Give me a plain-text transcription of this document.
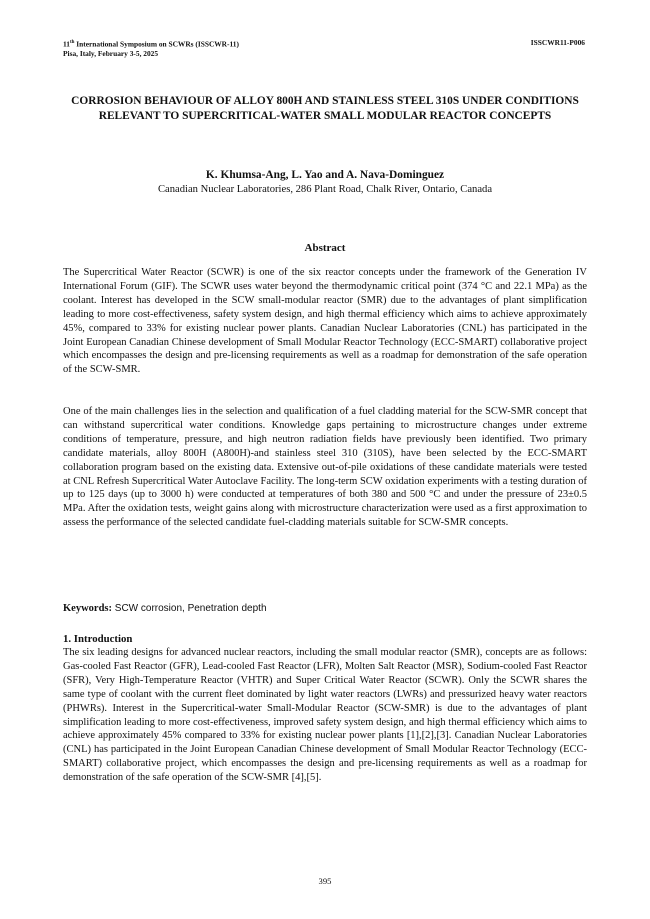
11th International Symposium on SCWRs (ISSCWR-11)
Pisa, Italy, February 3-5, 2025
ISSCWR11-P006
CORROSION BEHAVIOUR OF ALLOY 800H AND STAINLESS STEEL 310S UNDER CONDITIONS RELEVANT TO SUPERCRITICAL-WATER SMALL MODULAR REACTOR CONCEPTS
K. Khumsa-Ang, L. Yao and A. Nava-Dominguez
Canadian Nuclear Laboratories, 286 Plant Road, Chalk River, Ontario, Canada
Abstract

The Supercritical Water Reactor (SCWR) is one of the six reactor concepts under the framework of the Generation IV International Forum (GIF). The SCWR uses water beyond the thermodynamic critical point (374 °C and 22.1 MPa) as the coolant. Interest has developed in the SCW small-modular reactor (SMR) due to the advantages of plant simplification leading to more cost-effectiveness, safety system design, and high thermal efficiency which aims to achieve approximately 45%, compared to 33% for existing nuclear power plants. Canadian Nuclear Laboratories (CNL) has participated in the Joint European Canadian Chinese development of Small Modular Reactor Technology (ECC-SMART) collaborative project which encompasses the design and pre-licensing requirements as well as a roadmap for demonstration of the safe operation of the SCW-SMR.

One of the main challenges lies in the selection and qualification of a fuel cladding material for the SCW-SMR concept that can withstand supercritical water conditions. Knowledge gaps pertaining to microstructure changes under extreme conditions of temperature, pressure, and high neutron radiation fields have previously been identified. Two primary candidate materials, alloy 800H (A800H)-and stainless steel 310 (310S), have been selected by the ECC-SMART collaboration program based on the existing data. Extensive out-of-pile oxidations of these candidate materials were tested at CNL Refresh Supercritical Water Autoclave Facility. The long-term SCW oxidation experiments with a testing duration of up to 125 days (up to 3000 h) were conducted at temperatures of both 380 and 500 °C and under the pressure of 23±0.5 MPa. After the oxidation tests, weight gains along with microstructure characterization were used as a first approximation to assess the performance of the selected candidate fuel-cladding materials suitable for SCW-SMR concepts.

Keywords: SCW corrosion, Penetration depth
1. Introduction

The six leading designs for advanced nuclear reactors, including the small modular reactor (SMR), concepts are as follows: Gas-cooled Fast Reactor (GFR), Lead-cooled Fast Reactor (LFR), Molten Salt Reactor (MSR), Sodium-cooled Fast Reactor (SFR), Very High-Temperature Reactor (VHTR) and Super Critical Water Reactor (SCWR). Only the SCWR shares the same type of coolant with the current fleet dominated by light water reactors (LWRs) and pressurized heavy water reactors (PHWRs). Interest in the Supercritical-water Small-Modular Reactor (SCW-SMR) is due to the advantages of plant simplification leading to more cost-effectiveness, improved safety system design, and high thermal efficiency which aims to achieve approximately 45% compared to 33% for existing nuclear power plants [1],[2],[3]. Canadian Nuclear Laboratories (CNL) has participated in the Joint European Canadian Chinese development of Small Modular Reactor Technology (ECC-SMART) collaborative project, which encompasses the design and pre-licensing requirements as well as a roadmap for demonstration of the safe operation of the SCW-SMR [4],[5].

395
